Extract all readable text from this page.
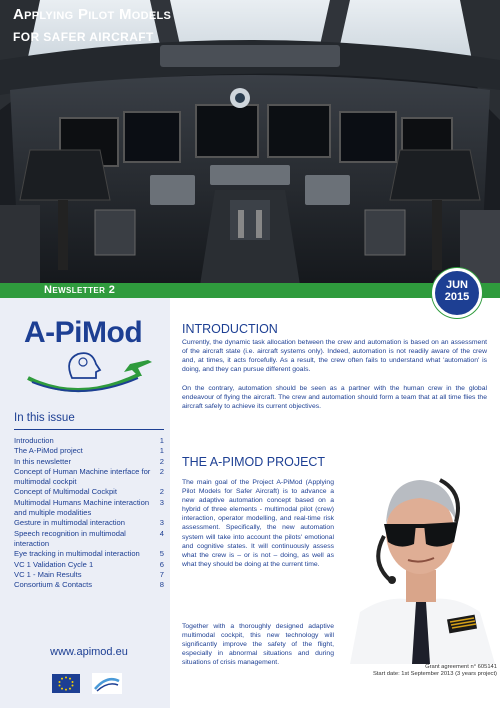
Applying Pilot Models
FOR SAFER AIRCRAFT
Newsletter 2	JUN
2015
A-PiMod
In this issue
Introduction	1
The A-PiMod project	1
In this newsletter	2
Concept of Human Machine interface for multimodal cockpit
2
Concept of Multimodal Cockpit	2
Multimodal Humans Machine interaction and multiple modalities
3
Gesture in multimodal interaction	3
Speech recognition in multimodal interaction
4
Eye tracking in multimodal interaction	5
VC 1 Validation Cycle 1	6
VC 1 - Main Results	7
Consortium & Contacts	8
www.apimod.eu
INTRODUCTION
Currently, the dynamic task allocation between the crew and automation is based on an assessment of the aircraft state (i.e. aircraft systems only). Indeed, automation is not readily aware of the crew and, at times, it acts forcefully. As a result, the crew often fails to understand what 'automation' is doing, and they can pursue different goals.
On the contrary, automation should be seen as a partner with the human crew in the global endeavour of flying the aircraft. The crew and automation should form a team that at all time flies the aircraft safely to achieve its current objectives.
THE A-PIMOD PROJECT
The main goal of the Project A-PiMod (Applying Pilot Models for Safer Aircraft) is to advance a new adaptive automation concept based on a hybrid of three elements - multimodal pilot (crew) interaction, operator modelling, and real-time risk assessment. Specifically, the new automation system will take into account the pilots' emotional and cognitive states. It will continuously assess what the crew is – or is not – doing, as well as what they should be doing at the current time.
Together with a thoroughly designed adaptive multimodal cockpit, this new technology will significantly improve the safety of the flight, especially in abnormal situations and during situations of crisis management.
Grant agreement n° 605141
Start date: 1st September 2013 (3 years project)
